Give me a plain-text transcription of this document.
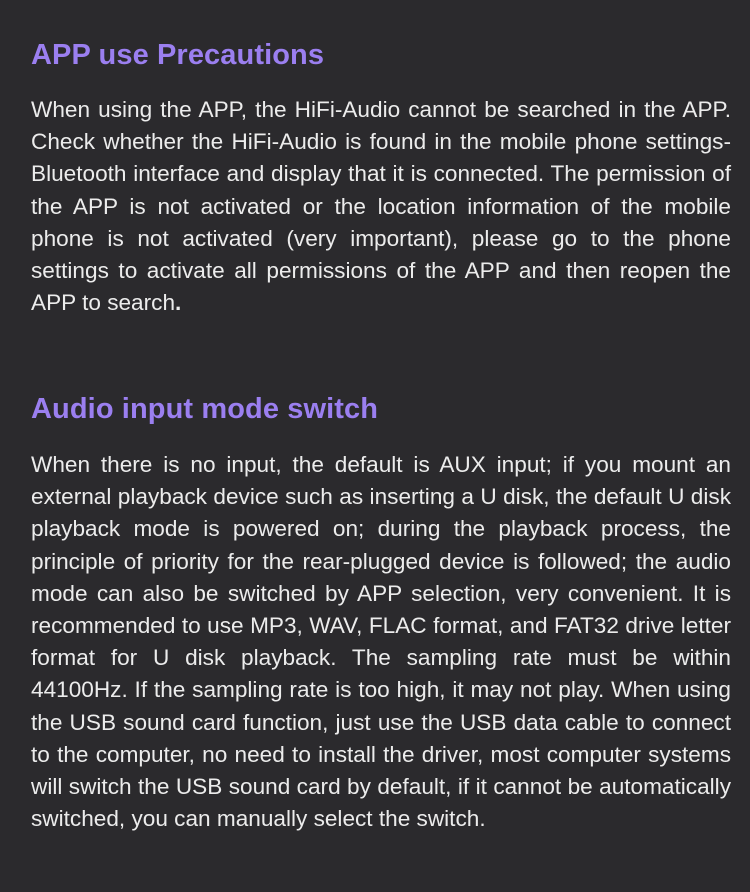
APP use Precautions

When using the APP, the HiFi-Audio cannot be searched in the APP. Check whether the HiFi-Audio is found in the mobile phone settings-Bluetooth interface and display that it is connected. The permission of the APP is not activated or the location information of the mobile phone is not activated (very important), please go to the phone settings to activate all permissions of the APP and then reopen the APP to search.

Audio input mode switch

When there is no input, the default is AUX input; if you mount an external playback device such as inserting a U disk, the default U disk playback mode is powered on; during the playback process, the principle of priority for the rear-plugged device is followed; the audio mode can also be switched by APP selection, very convenient. It is recommended to use MP3, WAV, FLAC format, and FAT32 drive letter format for U disk playback. The sampling rate must be within 44100Hz. If the sampling rate is too high, it may not play. When using the USB sound card function, just use the USB data cable to connect to the computer, no need to install the driver, most computer systems will switch the USB sound card by default, if it cannot be automatically switched, you can manually select the switch.
